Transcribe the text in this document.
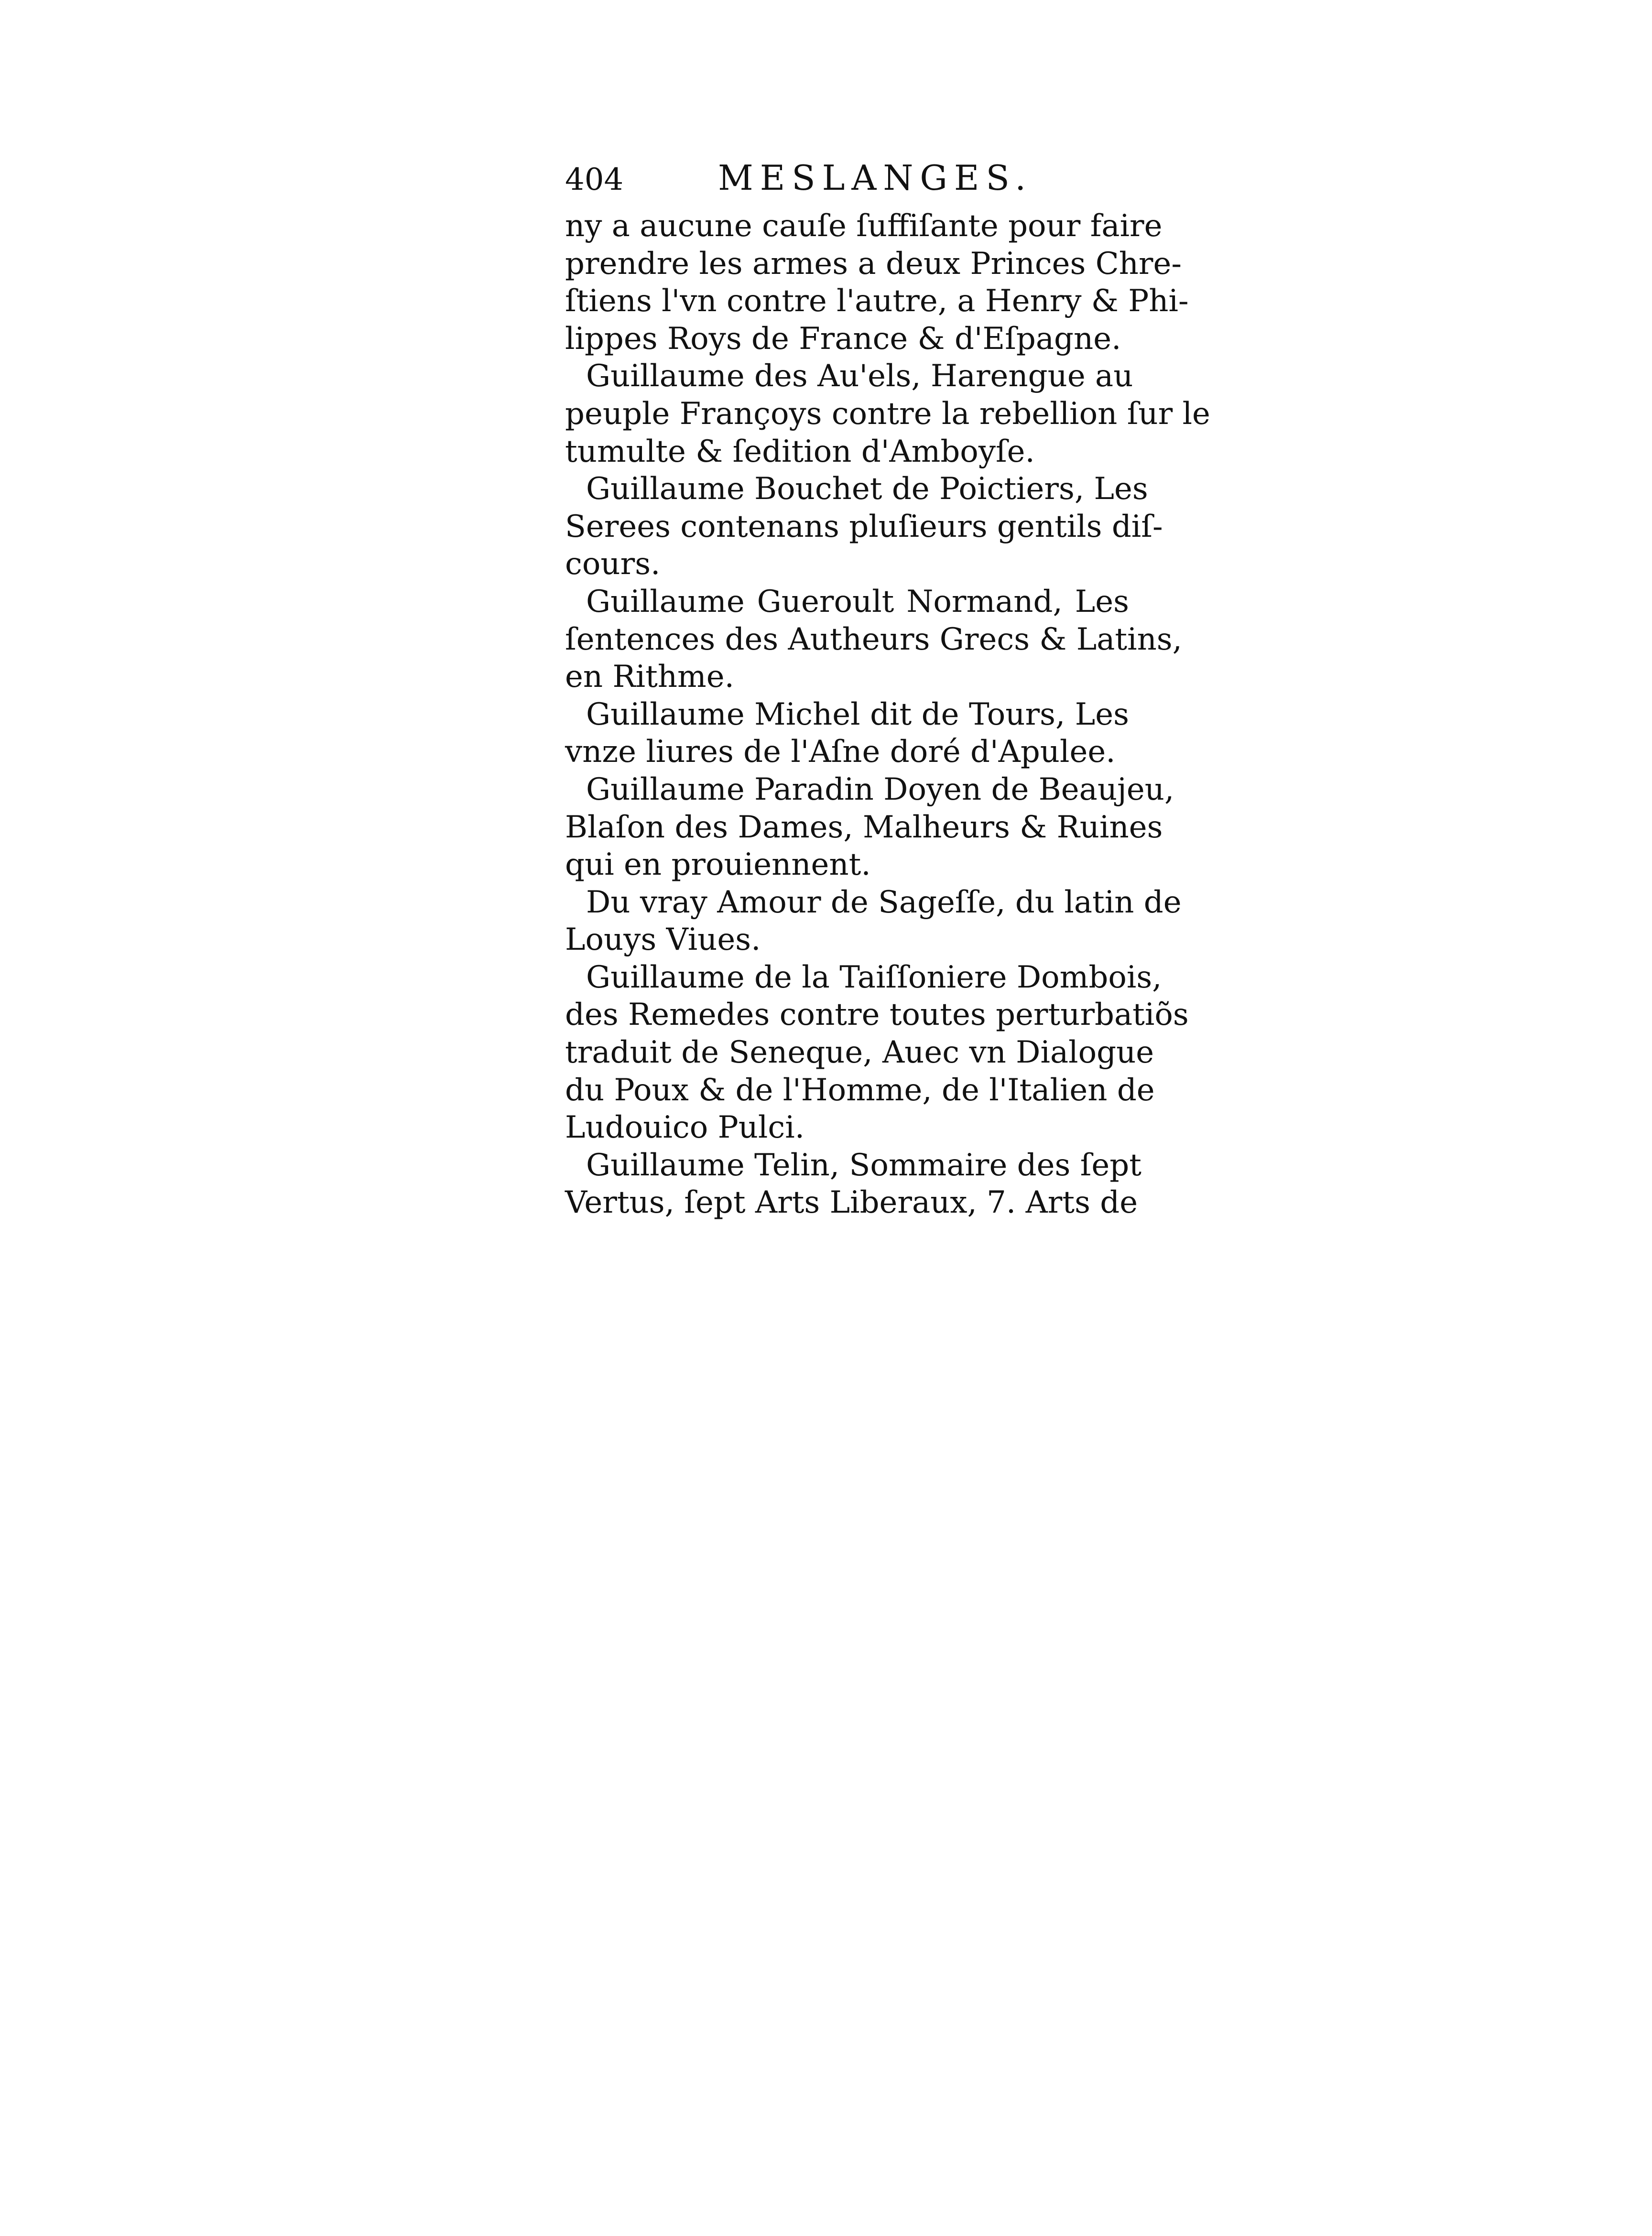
404	MESLANGES.
ny a aucune cauſe ſuffiſante pour faire
prendre les armes a deux Princes Chre-
ſtiens l'vn contre l'autre, a Henry & Phi-
lippes Roys de France & d'Eſpagne.
Guillaume des Au'els, Harengue au
peuple Françoys contre la rebellion ſur le
tumulte & ſedition d'Amboyſe.
Guillaume Bouchet de Poictiers, Les
Serees contenans pluſieurs gentils diſ-
cours.
Guillaume Gueroult Normand, Les
ſentences des Autheurs Grecs & Latins,
en Rithme.
Guillaume Michel dit de Tours, Les
vnze liures de l'Aſne doré d'Apulee.
Guillaume Paradin Doyen de Beaujeu,
Blaſon des Dames, Malheurs & Ruines
qui en prouiennent.
Du vray Amour de Sageſſe, du latin de
Louys Viues.
Guillaume de la Taiſſoniere Dombois,
des Remedes contre toutes perturbatiõs
traduit de Seneque, Auec vn Dialogue
du Poux & de l'Homme, de l'Italien de
Ludouico Pulci.
Guillaume Telin, Sommaire des ſept
Vertus, ſept Arts Liberaux, 7. Arts de
